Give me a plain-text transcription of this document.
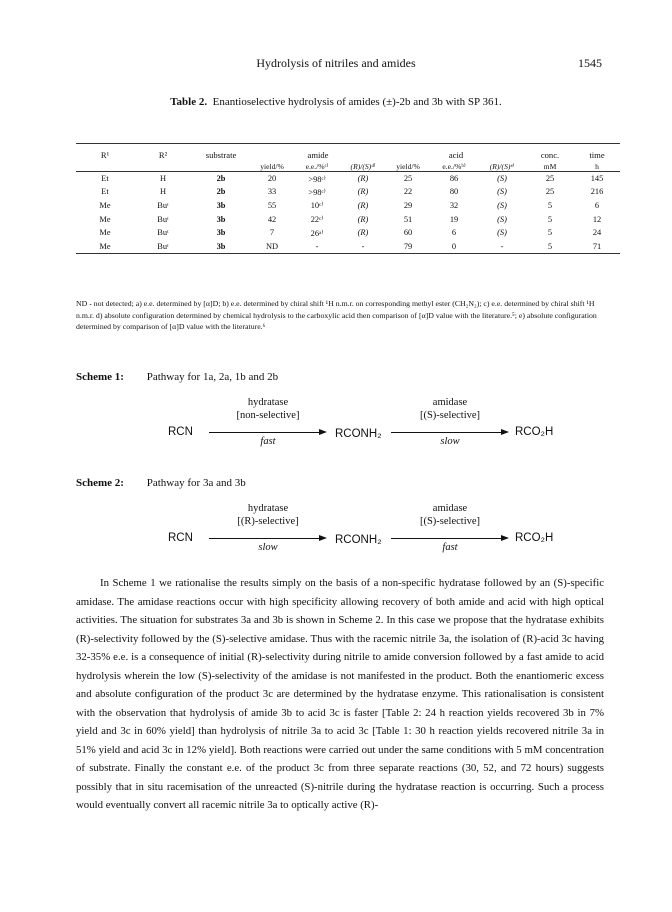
Hydrolysis of nitriles and amides	1545
Table 2. Enantioselective hydrolysis of amides (±)-2b and 3b with SP 361.
R¹	R²	substrate	amide			acid			conc.	time
			yield/%	e.e./%ᶜ⁾	(R)/(S)ᵈ⁾	yield/%	e.e./%ᵇ⁾	(R)/(S)ᵉ⁾	mM	h
Et	H	2b	20	>98ᶜ⁾	(R)	25	86	(S)	25	145
Et	H	2b	33	>98ᶜ⁾	(R)	22	80	(S)	25	216
Me	Buᵗ	3b	55	10ᶜ⁾	(R)	29	32	(S)	5	6
Me	Buᵗ	3b	42	22ᶜ⁾	(R)	51	19	(S)	5	12
Me	Buᵗ	3b	7	26ᵃ⁾	(R)	60	6	(S)	5	24
Me	Buᵗ	3b	ND	-	-	79	0	-	5	71
ND - not detected; a) e.e. determined by [α]D; b) e.e. determined by chiral shift ¹H n.m.r. on corresponding methyl ester (CH₂N₂); c) e.e. determined by chiral shift ¹H n.m.r. d) absolute configuration determined by chemical hydrolysis to the carboxylic acid then comparison of [α]D value with the literature.⁵; e) absolute configuration determined by comparison of [α]D value with the literature.⁶
Scheme 1: Pathway for 1a, 2a, 1b and 2b
hydratase
[non-selective]
RCN
fast
RCONH₂
amidase
[(S)-selective]
slow
RCO₂H
Scheme 2: Pathway for 3a and 3b
hydratase
[(R)-selective]
RCN
slow
RCONH₂
amidase
[(S)-selective]
fast
RCO₂H

In Scheme 1 we rationalise the results simply on the basis of a non-specific hydratase followed by an (S)-specific amidase. The amidase reactions occur with high specificity allowing recovery of both amide and acid with high optical activities. The situation for substrates 3a and 3b is shown in Scheme 2. In this case we propose that the hydratase exhibits (R)-selectivity followed by the (S)-selective amidase. Thus with the racemic nitrile 3a, the isolation of (R)-acid 3c having 32-35% e.e. is a consequence of initial (R)-selectivity during nitrile to amide conversion followed by a fast amide to acid hydrolysis wherein the low (S)-selectivity of the amidase is not manifested in the product. Both the enantiomeric excess and absolute configuration of the product 3c are determined by the hydratase enzyme. This rationalisation is consistent with the observation that hydrolysis of amide 3b to acid 3c is faster [Table 2: 24 h reaction yields recovered 3b in 7% yield and 3c in 60% yield] than hydrolysis of nitrile 3a to acid 3c [Table 1: 30 h reaction yields recovered nitrile 3a in 51% yield and acid 3c in 12% yield]. Both reactions were carried out under the same conditions with 5 mM concentration of substrate. Finally the constant e.e. of the product 3c from three separate reactions (30, 52, and 72 hours) suggests possibly that in situ racemisation of the unreacted (S)-nitrile during the hydratase reaction is occurring. Such a process would eventually convert all racemic nitrile 3a to optically active (R)-
